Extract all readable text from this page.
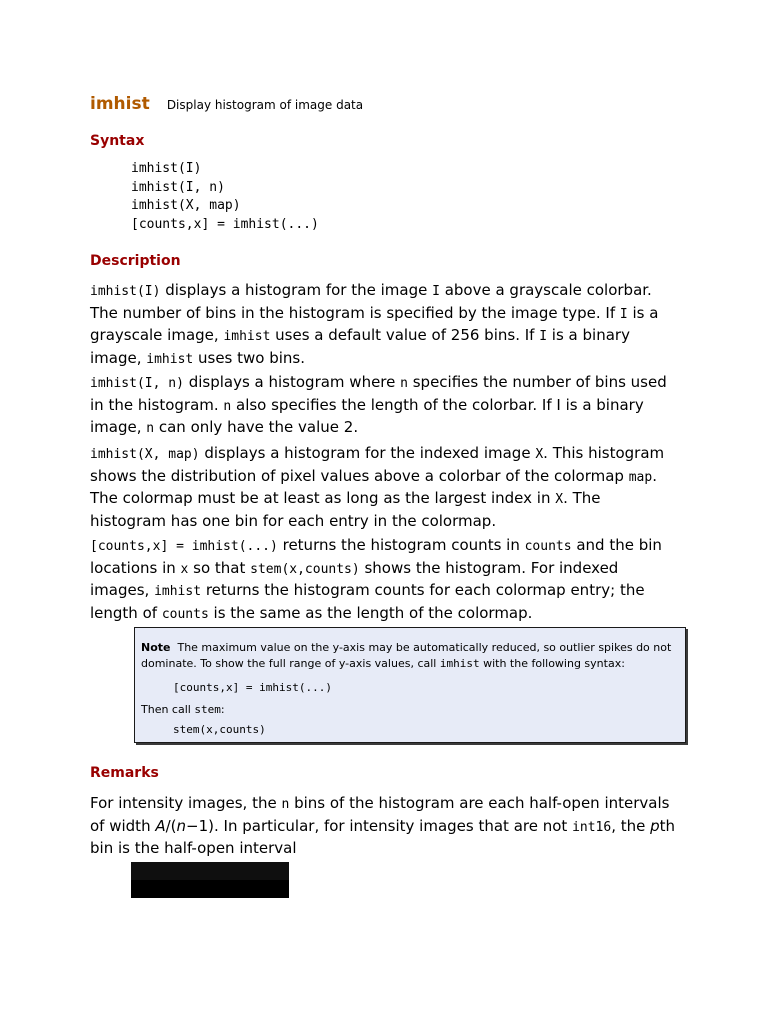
imhist Display histogram of image data
Syntax
imhist(I)
imhist(I, n)
imhist(X, map)
[counts,x] = imhist(...)
Description

imhist(I) displays a histogram for the image I above a grayscale colorbar. The number of bins in the histogram is specified by the image type. If I is a grayscale image, imhist uses a default value of 256 bins. If I is a binary image, imhist uses two bins.

imhist(I, n) displays a histogram where n specifies the number of bins used in the histogram. n also specifies the length of the colorbar. If I is a binary image, n can only have the value 2.

imhist(X, map) displays a histogram for the indexed image X. This histogram shows the distribution of pixel values above a colorbar of the colormap map. The colormap must be at least as long as the largest index in X. The histogram has one bin for each entry in the colormap.

[counts,x] = imhist(...) returns the histogram counts in counts and the bin locations in x so that stem(x,counts) shows the histogram. For indexed images, imhist returns the histogram counts for each colormap entry; the length of counts is the same as the length of the colormap.

Note  The maximum value on the y-axis may be automatically reduced, so outlier spikes do not dominate. To show the full range of y-axis values, call imhist with the following syntax:
[counts,x] = imhist(...)
Then call stem:
stem(x,counts)
Remarks

For intensity images, the n bins of the histogram are each half-open intervals of width A/(n−1). In particular, for intensity images that are not int16, the pth bin is the half-open interval
